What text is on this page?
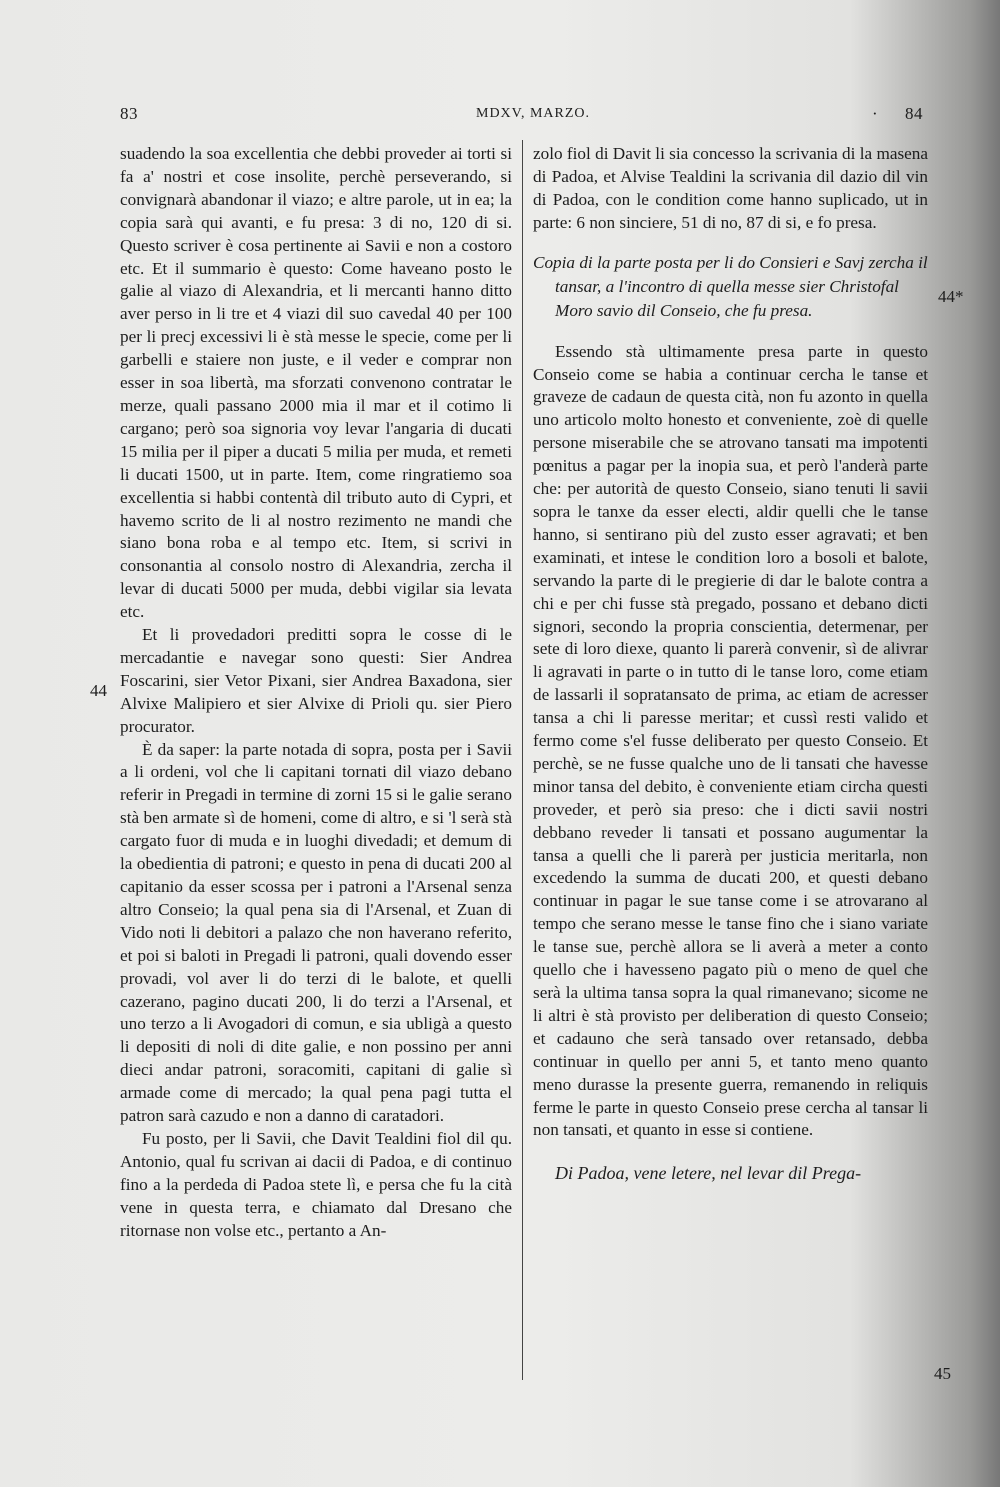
83	MDXV, MARZO.	· 84
44
44*
45

suadendo la soa excellentia che debbi proveder ai torti si fa a' nostri et cose insolite, perchè perseverando, si convignarà abandonar il viazo; e altre parole, ut in ea; la copia sarà qui avanti, e fu presa: 3 di no, 120 di si. Questo scriver è cosa pertinente ai Savii e non a costoro etc. Et il summario è questo: Come haveano posto le galie al viazo di Alexandria, et li mercanti hanno ditto aver perso in li tre et 4 viazi dil suo cavedal 40 per 100 per li precj excessivi li è stà messe le specie, come per li garbelli e staiere non juste, e il veder e comprar non esser in soa libertà, ma sforzati convenono contratar le merze, quali passano 2000 mia il mar et il cotimo li cargano; però soa signoria voy levar l'angaria di ducati 15 milia per il piper a ducati 5 milia per muda, et remeti li ducati 1500, ut in parte. Item, come ringratiemo soa excellentia si habbi contentà dil tributo auto di Cypri, et havemo scrito de li al nostro rezimento ne mandi che siano bona roba e al tempo etc. Item, si scrivi in consonantia al consolo nostro di Alexandria, zercha il levar di ducati 5000 per muda, debbi vigilar sia levata etc.

Et li provedadori preditti sopra le cosse di le mercadantie e navegar sono questi: Sier Andrea Foscarini, sier Vetor Pixani, sier Andrea Baxadona, sier Alvixe Malipiero et sier Alvixe di Prioli qu. sier Piero procurator.

È da saper: la parte notada di sopra, posta per i Savii a li ordeni, vol che li capitani tornati dil viazo debano referir in Pregadi in termine di zorni 15 si le galie serano stà ben armate sì de homeni, come di altro, e si 'l serà stà cargato fuor di muda e in luoghi divedadi; et demum di la obedientia di patroni; e questo in pena di ducati 200 al capitanio da esser scossa per i patroni a l'Arsenal senza altro Conseio; la qual pena sia di l'Arsenal, et Zuan di Vido noti li debitori a palazo che non haverano referito, et poi si baloti in Pregadi li patroni, quali dovendo esser provadi, vol aver li do terzi di le balote, et quelli cazerano, pagino ducati 200, li do terzi a l'Arsenal, et uno terzo a li Avogadori di comun, e sia ubligà a questo li depositi di noli di dite galie, e non possino per anni dieci andar patroni, soracomiti, capitani di galie sì armade come di mercado; la qual pena pagi tutta el patron sarà cazudo e non a danno di caratadori.

Fu posto, per li Savii, che Davit Tealdini fiol dil qu. Antonio, qual fu scrivan ai dacii di Padoa, e di continuo fino a la perdeda di Padoa stete lì, e persa che fu la cità vene in questa terra, e chiamato dal Dresano che ritornase non volse etc., pertanto a An-

zolo fiol di Davit li sia concesso la scrivania di la masena di Padoa, et Alvise Tealdini la scrivania dil dazio dil vin di Padoa, con le condition come hanno suplicado, ut in parte: 6 non sinciere, 51 di no, 87 di si, e fo presa.

Copia di la parte posta per li do Consieri e Savj zercha il tansar, a l'incontro di quella messe sier Christofal Moro savio dil Conseio, che fu presa.

Essendo stà ultimamente presa parte in questo Conseio come se habia a continuar cercha le tanse et graveze de cadaun de questa cità, non fu azonto in quella uno articolo molto honesto et conveniente, zoè di quelle persone miserabile che se atrovano tansati ma impotenti pœnitus a pagar per la inopia sua, et però l'anderà parte che: per autorità de questo Conseio, siano tenuti li savii sopra le tanxe da esser electi, aldir quelli che le tanse hanno, si sentirano più del zusto esser agravati; et ben examinati, et intese le condition loro a bosoli et balote, servando la parte di le pregierie di dar le balote contra a chi e per chi fusse stà pregado, possano et debano dicti signori, secondo la propria conscientia, determenar, per sete di loro diexe, quanto li parerà convenir, sì de alivrar li agravati in parte o in tutto di le tanse loro, come etiam de lassarli il sopratansato de prima, ac etiam de acresser tansa a chi li paresse meritar; et cussì resti valido et fermo come s'el fusse deliberato per questo Conseio. Et perchè, se ne fusse qualche uno de li tansati che havesse minor tansa del debito, è conveniente etiam circha questi proveder, et però sia preso: che i dicti savii nostri debbano reveder li tansati et possano augumentar la tansa a quelli che li parerà per justicia meritarla, non excedendo la summa de ducati 200, et questi debano continuar in pagar le sue tanse come i se atrovarano al tempo che serano messe le tanse fino che i siano variate le tanse sue, perchè allora se li averà a meter a conto quello che i havesseno pagato più o meno de quel che serà la ultima tansa sopra la qual rimanevano; sicome ne li altri è stà provisto per deliberation di questo Conseio; et cadauno che serà tansado over retansado, debba continuar in quello per anni 5, et tanto meno quanto meno durasse la presente guerra, remanendo in reliquis ferme le parte in questo Conseio prese cercha al tansar li non tansati, et quanto in esse si contiene.

Di Padoa, vene letere, nel levar dil Prega-
